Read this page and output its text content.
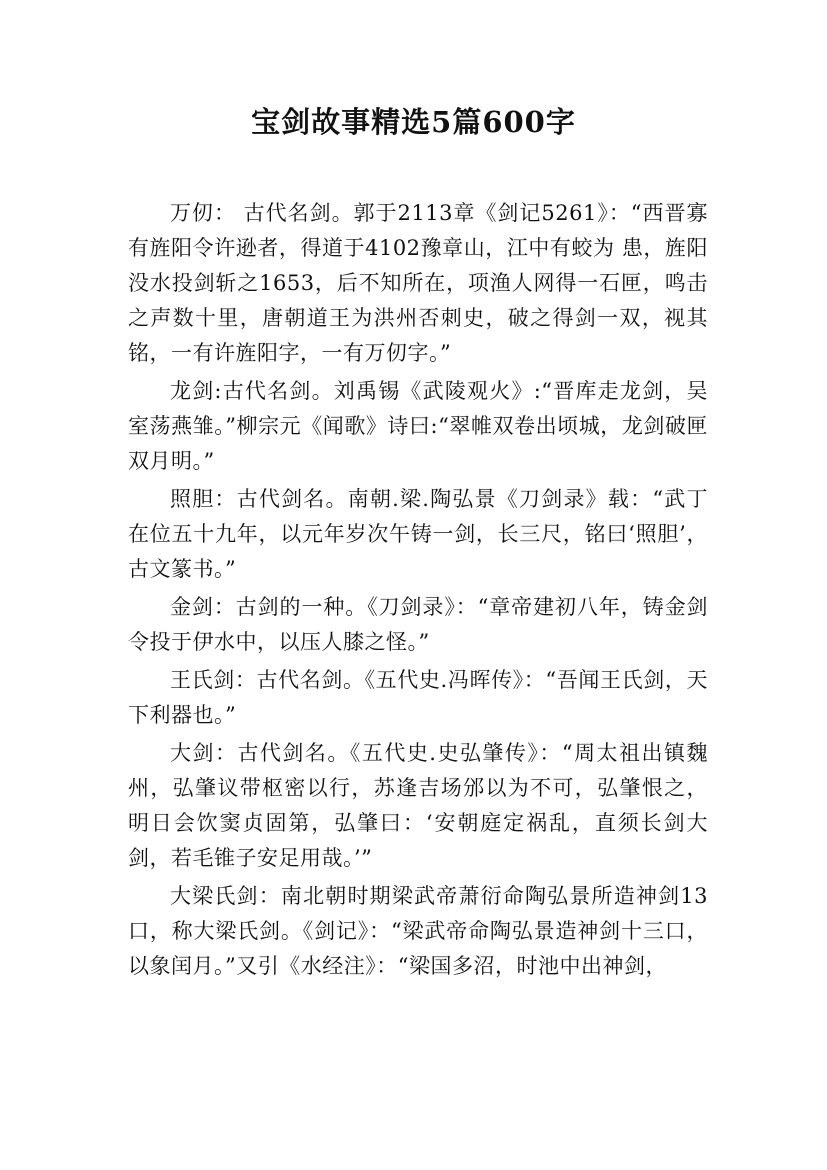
宝剑故事精选5篇600字

万仞： 古代名剑。郭于2113章《剑记5261》：“西晋寡有旌阳令许逊者，得道于4102豫章山，江中有蛟为 患，旌阳没水投剑斩之1653，后不知所在，项渔人网得一石匣，鸣击之声数十里，唐朝道王为洪州否刺史，破之得剑一双，视其铭，一有许旌阳字，一有万仞字。”

龙剑:古代名剑。刘禹锡《武陵观火》:“晋库走龙剑，吴室荡燕雏。”柳宗元《闻歌》诗曰:“翠帷双卷出顷城，龙剑破匣双月明。”

照胆：古代剑名。南朝.梁.陶弘景《刀剑录》载：“武丁在位五十九年，以元年岁次午铸一剑，长三尺，铭曰‘照胆’，古文篆书。”

金剑：古剑的一种。《刀剑录》：“章帝建初八年，铸金剑令投于伊水中，以压人膝之怪。”

王氏剑：古代名剑。《五代史.冯晖传》：“吾闻王氏剑，天下利器也。”

大剑：古代剑名。《五代史.史弘肇传》：“周太祖出镇魏州，弘肇议带枢密以行，苏逢吉场邠以为不可，弘肇恨之，明日会饮窦贞固第，弘肇曰：‘安朝庭定祸乱，直须长剑大剑，若毛锥子安足用哉。’”

大梁氏剑：南北朝时期梁武帝萧衍命陶弘景所造神剑13口，称大梁氏剑。《剑记》：“梁武帝命陶弘景造神剑十三口，以象闰月。”又引《水经注》：“梁国多沼，时池中出神剑，
